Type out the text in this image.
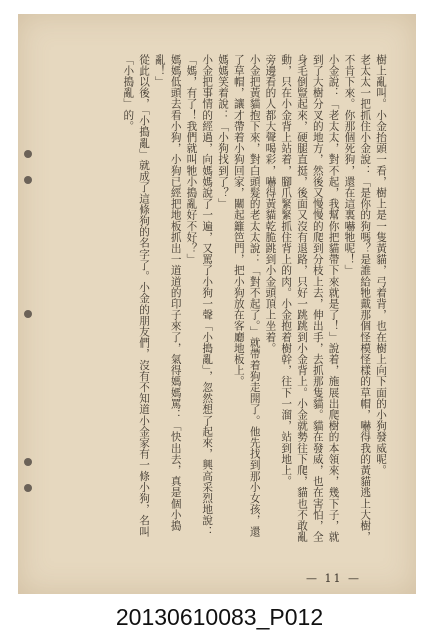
樹上亂叫。小金抬頭一看，樹上是一隻黃貓，弓着背，也在樹上向下面的小狗發威呢。

老太太一把抓住小金說：「是你的狗嗎？是誰給牠戴那個怪模怪樣的草帽，嚇得我的黃貓逃上大樹，不肯下來。你那個死狗，還在這裏嚇牠呢！」

小金說：「老太太，對不起，我幫你把貓帶下來就是了！」說着，施展出爬樹的本領來，幾下子，就到了大樹分叉的地方，然後又慢慢的爬到分枝上去，伸出手，去抓那隻貓。貓在發威，也在害怕，全身毛倒豎起來，硬腿直挺，後面又沒有退路，只好一跳跳到小金背上。小金就勢往下爬，貓也不敢亂動，只在小金背上站着，腳爪緊緊抓住背上的肉。小金抱着樹幹，往下一溜，站到地上。

旁邊看的人都大聲喝彩，嚇得黃貓乾脆跳到小金頭頂上坐着。

小金把黃貓抱下來，對白頭髮的老太太說：「對不起了。」就帶着狗走開了。他先找到那小女孩，還了草帽，讓才帶着小狗回家，關起籬笆門，把小狗放在客廳地板上。

媽媽笑着說：「小狗找到了？」

小金把事情的經過，向媽媽說了一遍，又罵了小狗一聲「小搗亂」，忽然想了起來，興高采烈地說：「媽，有了！我們就叫牠小搗亂好不好？」

媽媽低頭去看小狗，小狗已經把地板抓出一道道的印子來了，氣得媽媽罵：「快出去，真是個小搗亂！」

從此以後，「小搗亂」就成了這條狗的名字了。小金的朋友們，沒有不知道小金家有一條小狗，名叫「小搗亂」的。

— 11 —
20130610083_P012
